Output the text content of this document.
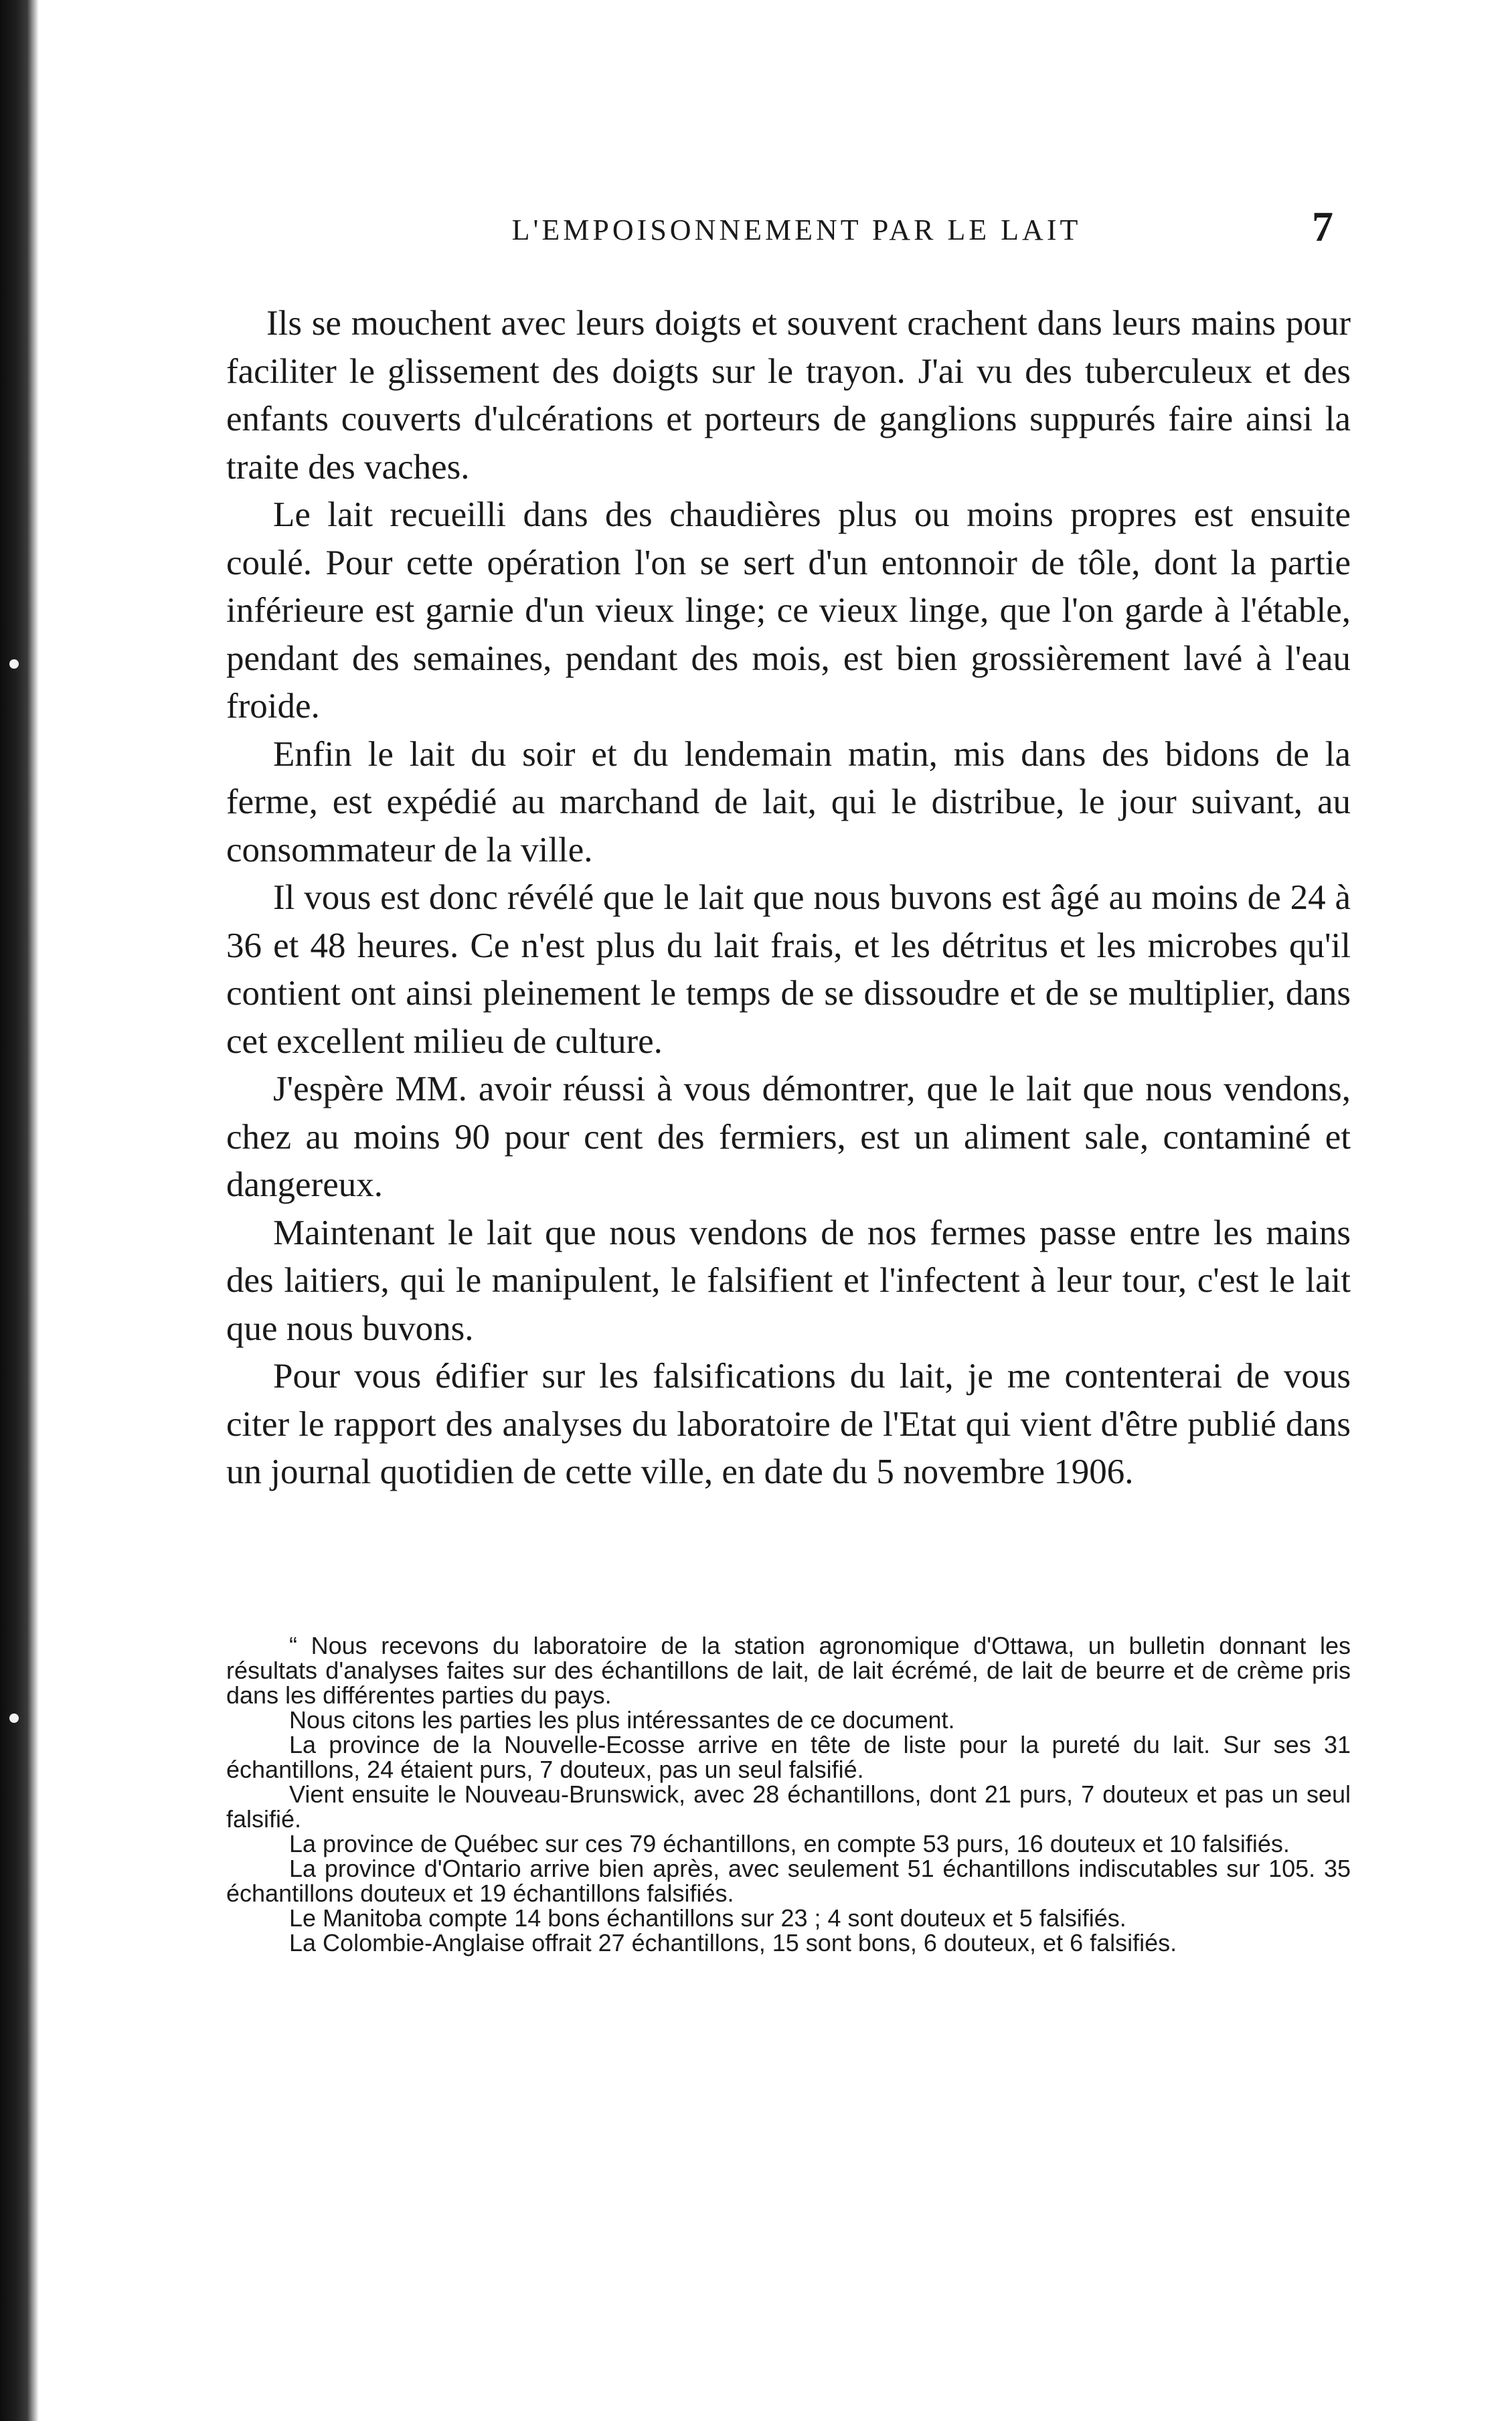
L'EMPOISONNEMENT PAR LE LAIT	7

Ils se mouchent avec leurs doigts et souvent crachent dans leurs mains pour faciliter le glissement des doigts sur le trayon. J'ai vu des tuberculeux et des enfants couverts d'ulcérations et porteurs de ganglions suppurés faire ainsi la traite des vaches.

Le lait recueilli dans des chaudières plus ou moins propres est ensuite coulé. Pour cette opération l'on se sert d'un entonnoir de tôle, dont la partie inférieure est garnie d'un vieux linge; ce vieux linge, que l'on garde à l'étable, pendant des semaines, pendant des mois, est bien grossièrement lavé à l'eau froide.

Enfin le lait du soir et du lendemain matin, mis dans des bidons de la ferme, est expédié au marchand de lait, qui le distribue, le jour suivant, au consommateur de la ville.

Il vous est donc révélé que le lait que nous buvons est âgé au moins de 24 à 36 et 48 heures. Ce n'est plus du lait frais, et les détritus et les microbes qu'il contient ont ainsi pleinement le temps de se dissoudre et de se multiplier, dans cet excellent milieu de culture.

J'espère MM. avoir réussi à vous démontrer, que le lait que nous vendons, chez au moins 90 pour cent des fermiers, est un aliment sale, contaminé et dangereux.

Maintenant le lait que nous vendons de nos fermes passe entre les mains des laitiers, qui le manipulent, le falsifient et l'infectent à leur tour, c'est le lait que nous buvons.

Pour vous édifier sur les falsifications du lait, je me contenterai de vous citer le rapport des analyses du laboratoire de l'Etat qui vient d'être publié dans un journal quotidien de cette ville, en date du 5 novembre 1906.

“ Nous recevons du laboratoire de la station agronomique d'Ottawa, un bulletin donnant les résultats d'analyses faites sur des échantillons de lait, de lait écrémé, de lait de beurre et de crème pris dans les différentes parties du pays.

Nous citons les parties les plus intéressantes de ce document.

La province de la Nouvelle-Ecosse arrive en tête de liste pour la pureté du lait. Sur ses 31 échantillons, 24 étaient purs, 7 douteux, pas un seul falsifié.

Vient ensuite le Nouveau-Brunswick, avec 28 échantillons, dont 21 purs, 7 douteux et pas un seul falsifié.

La province de Québec sur ces 79 échantillons, en compte 53 purs, 16 douteux et 10 falsifiés.

La province d'Ontario arrive bien après, avec seulement 51 échantillons indiscutables sur 105. 35 échantillons douteux et 19 échantillons falsifiés.

Le Manitoba compte 14 bons échantillons sur 23 ; 4 sont douteux et 5 falsifiés.

La Colombie-Anglaise offrait 27 échantillons, 15 sont bons, 6 douteux, et 6 falsifiés.
